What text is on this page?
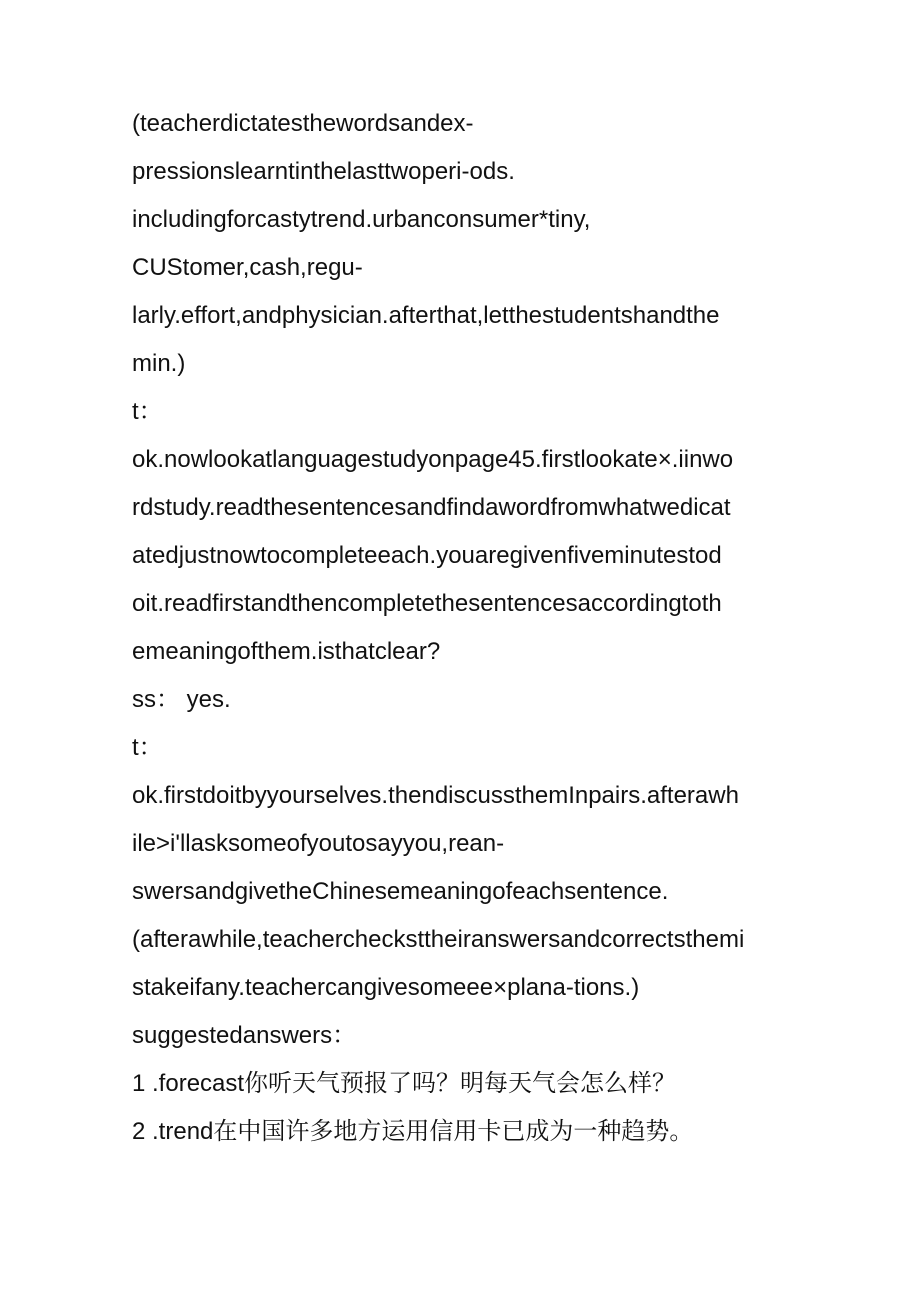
(teacherdictatesthewordsandex-
pressionslearntinthelasttwoperi-ods.
includingforcastytrend.urbanconsumer*tiny,
CUStomer,cash,regu-
larly.effort,andphysician.afterthat,letthestudentshandthe
min.)
t：
ok.nowlookatlanguagestudyonpage45.firstlookate×.iinwo
rdstudy.readthesentencesandfindawordfromwhatwedicat
atedjustnowtocompleteeach.youaregivenfiveminutestod
oit.readfirstandthencompletethesentencesaccordingtoth
emeaningofthem.isthatclear?
ss： yes.
t：
ok.firstdoitbyyourselves.thendiscussthemInpairs.afterawh
ile>i'llasksomeofyoutosayyou,rean-
swersandgivetheChinesemeaningofeachsentence.
(afterawhile,teacherchecksttheiranswersandcorrectsthemi
stakeifany.teachercangivesomeee×plana-tions.)
suggestedanswers：
1 .forecast你听天气预报了吗？明每天气会怎么样？
2 .trend在中国许多地方运用信用卡已成为一种趋势。
